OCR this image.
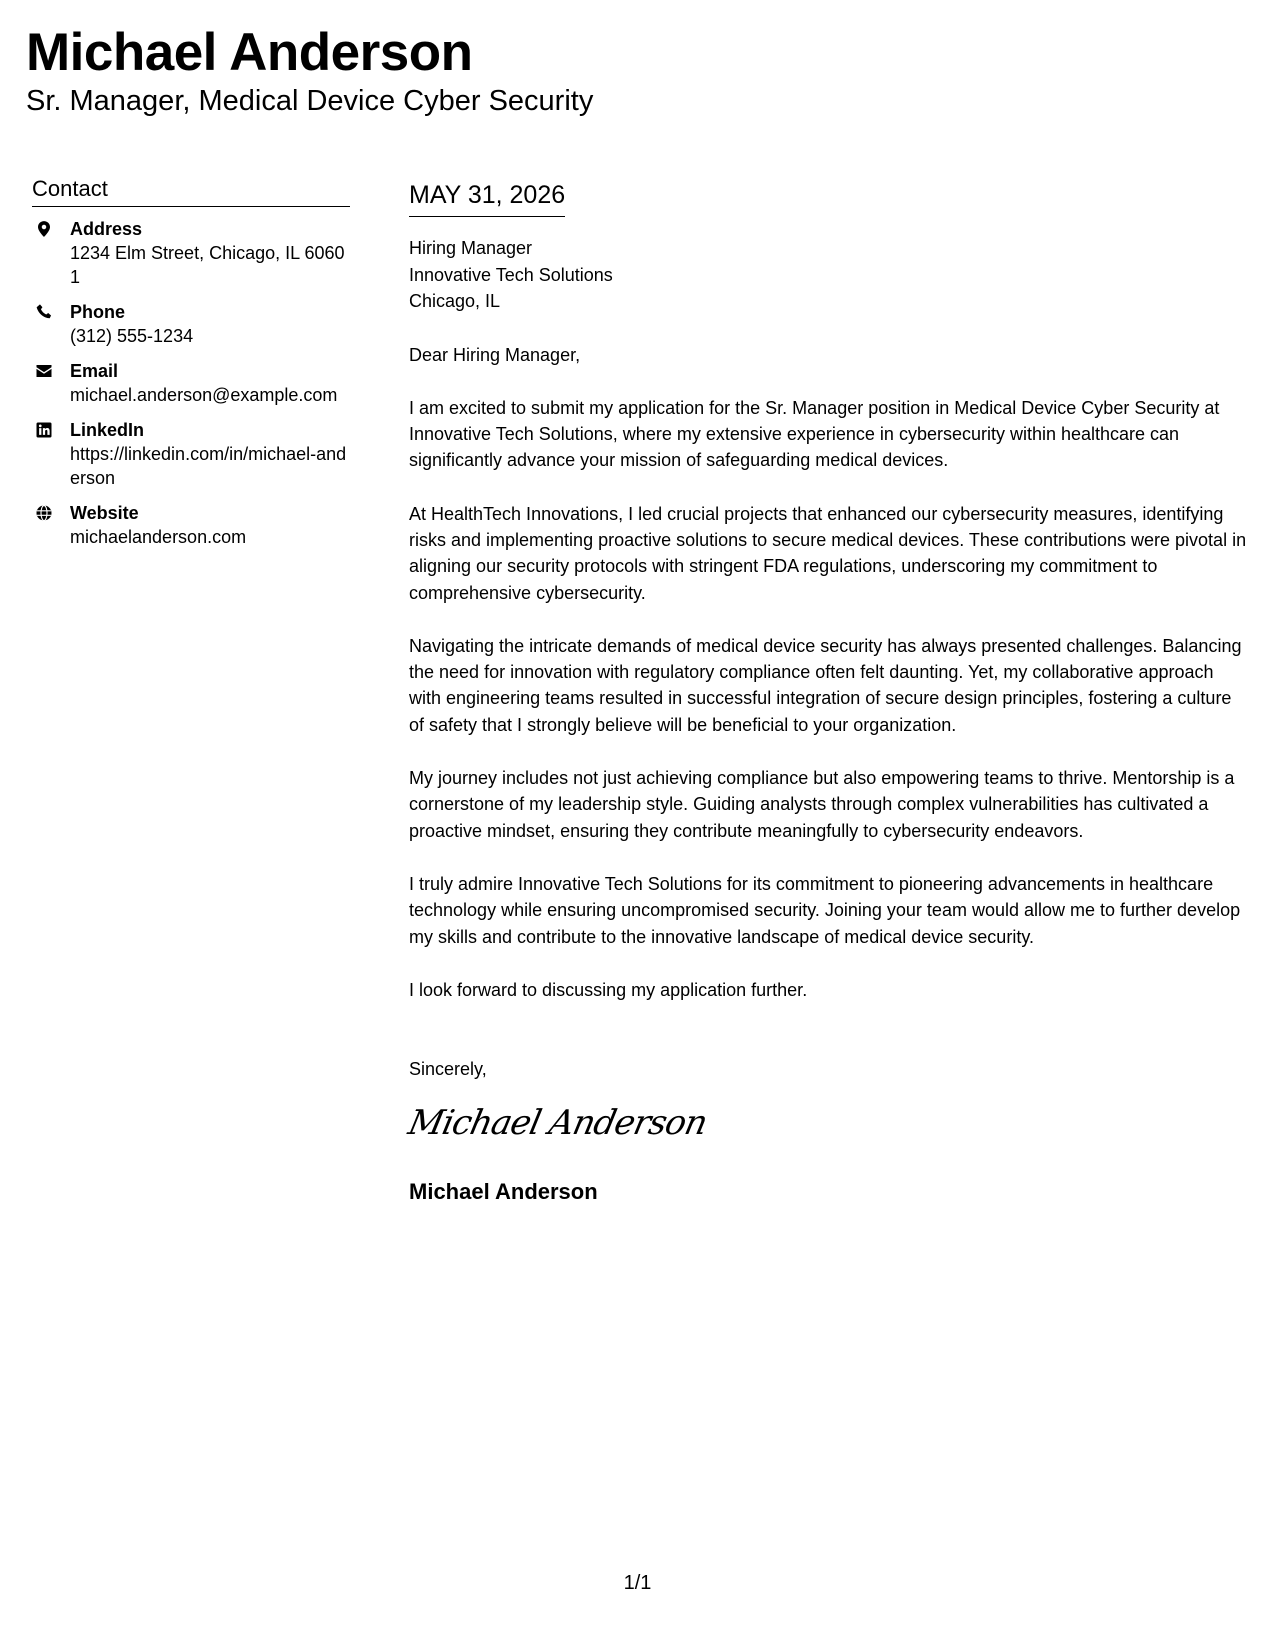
Michael Anderson
Sr. Manager, Medical Device Cyber Security
Contact
Address
1234 Elm Street, Chicago, IL 60601
Phone
(312) 555-1234
Email
michael.anderson@example.com
LinkedIn
https://linkedin.com/in/michael-anderson
Website
michaelanderson.com
MAY 31, 2026
Hiring Manager
Innovative Tech Solutions
Chicago, IL
Dear Hiring Manager,
I am excited to submit my application for the Sr. Manager position in Medical Device Cyber Security at Innovative Tech Solutions, where my extensive experience in cybersecurity within healthcare can significantly advance your mission of safeguarding medical devices.
At HealthTech Innovations, I led crucial projects that enhanced our cybersecurity measures, identifying risks and implementing proactive solutions to secure medical devices. These contributions were pivotal in aligning our security protocols with stringent FDA regulations, underscoring my commitment to comprehensive cybersecurity.
Navigating the intricate demands of medical device security has always presented challenges. Balancing the need for innovation with regulatory compliance often felt daunting. Yet, my collaborative approach with engineering teams resulted in successful integration of secure design principles, fostering a culture of safety that I strongly believe will be beneficial to your organization.
My journey includes not just achieving compliance but also empowering teams to thrive. Mentorship is a cornerstone of my leadership style. Guiding analysts through complex vulnerabilities has cultivated a proactive mindset, ensuring they contribute meaningfully to cybersecurity endeavors.
I truly admire Innovative Tech Solutions for its commitment to pioneering advancements in healthcare technology while ensuring uncompromised security. Joining your team would allow me to further develop my skills and contribute to the innovative landscape of medical device security.
I look forward to discussing my application further.
Sincerely,
Michael Anderson
Michael Anderson
1/1
